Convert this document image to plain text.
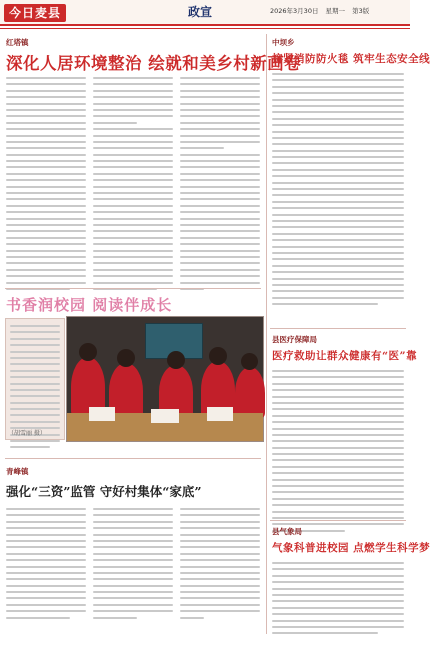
今日麦县	政宣	2026年3月30日 星期一 第3版
红塔镇
深化人居环境整治 绘就和美乡村新画卷
书香润校园 阅读伴成长
（胡雪丽 摄）
青峰镇
强化“三资”监管 守好村集体“家底”
中坝乡
挤紧消防防火毯 筑牢生态安全线
县医疗保障局
医疗救助让群众健康有“医”靠
县气象局
气象科普进校园 点燃学生科学梦
